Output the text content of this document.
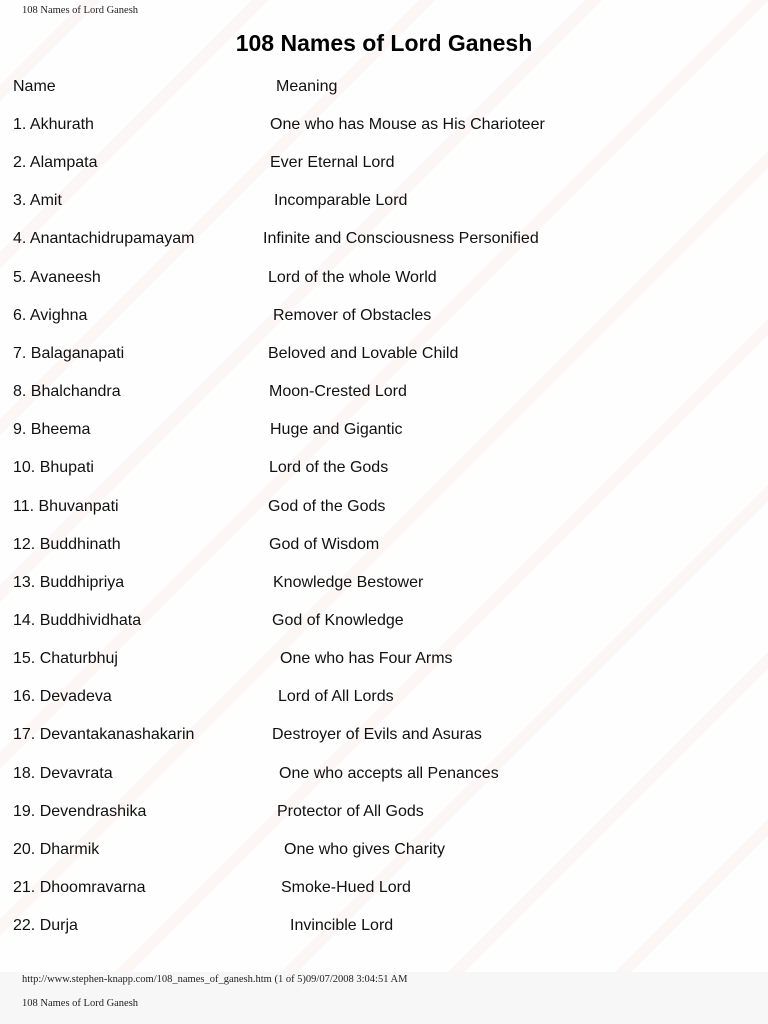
108 Names of Lord Ganesh
108 Names of Lord Ganesh
Name	Meaning
1. Akhurath	One who has Mouse as His Charioteer
2. Alampata	Ever Eternal Lord
3. Amit	Incomparable Lord
4. Anantachidrupamayam	Infinite and Consciousness Personified
5. Avaneesh	Lord of the whole World
6. Avighna	Remover of Obstacles
7. Balaganapati	Beloved and Lovable Child
8. Bhalchandra	Moon-Crested Lord
9. Bheema	Huge and Gigantic
10. Bhupati	Lord of the Gods
11. Bhuvanpati	God of the Gods
12. Buddhinath	God of Wisdom
13. Buddhipriya	Knowledge Bestower
14. Buddhividhata	God of Knowledge
15. Chaturbhuj	One who has Four Arms
16. Devadeva	Lord of All Lords
17. Devantakanashakarin	Destroyer of Evils and Asuras
18. Devavrata	One who accepts all Penances
19. Devendrashika	Protector of All Gods
20. Dharmik	One who gives Charity
21. Dhoomravarna	Smoke-Hued Lord
22. Durja	Invincible Lord
http://www.stephen-knapp.com/108_names_of_ganesh.htm (1 of 5)09/07/2008 3:04:51 AM
108 Names of Lord Ganesh
